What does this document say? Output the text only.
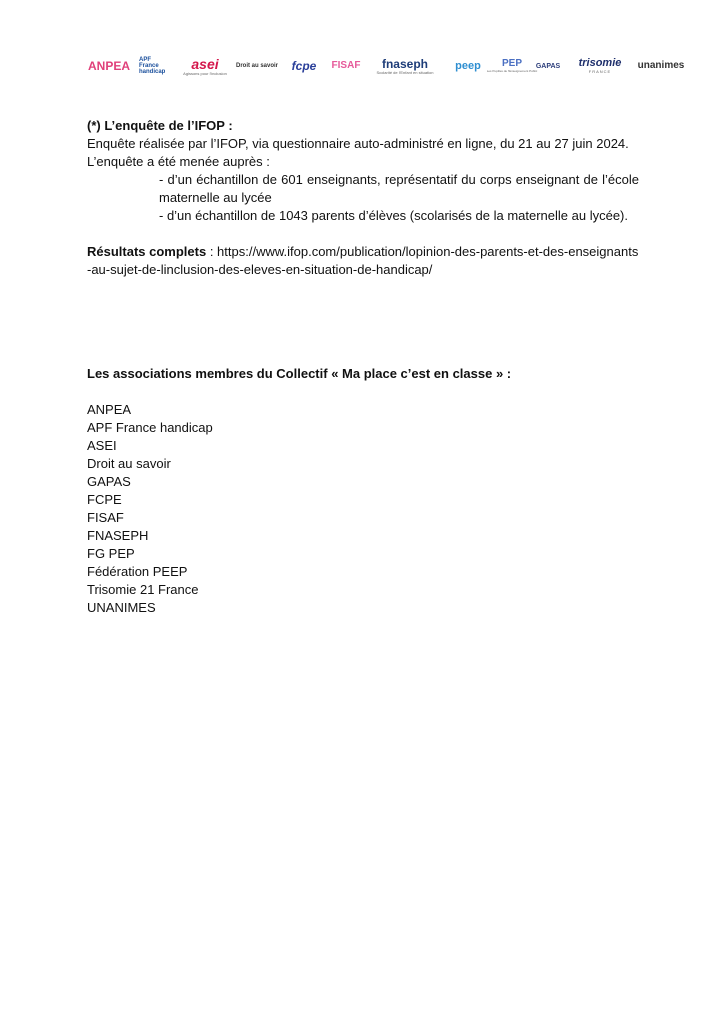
ANPEA APF
France
handicap
asei
Agissons pour l'inclusion
Droit au savoir fcpe FISAF fnaseph
Scolarité de l'Enfant en situation
peep PEP
Les Pupilles de l'Enseignement Public
GAPAS trisomie
FRANCE
unanimes

(*) L’enquête de l’IFOP :

Enquête réalisée par l’IFOP, via questionnaire auto-administré en ligne, du 21 au 27 juin 2024.

L’enquête a été menée auprès :

- d’un échantillon de 601 enseignants, représentatif du corps enseignant de l’école maternelle au lycée

- d’un échantillon de 1043 parents d’élèves (scolarisés de la maternelle au lycée).

Résultats complets : https://www.ifop.com/publication/lopinion-des-parents-et-des-enseignants-au-sujet-de-linclusion-des-eleves-en-situation-de-handicap/

Les associations membres du Collectif « Ma place c’est en classe » :

ANPEA
APF France handicap
ASEI
Droit au savoir
GAPAS
FCPE
FISAF
FNASEPH
FG PEP
Fédération PEEP
Trisomie 21 France
UNANIMES
